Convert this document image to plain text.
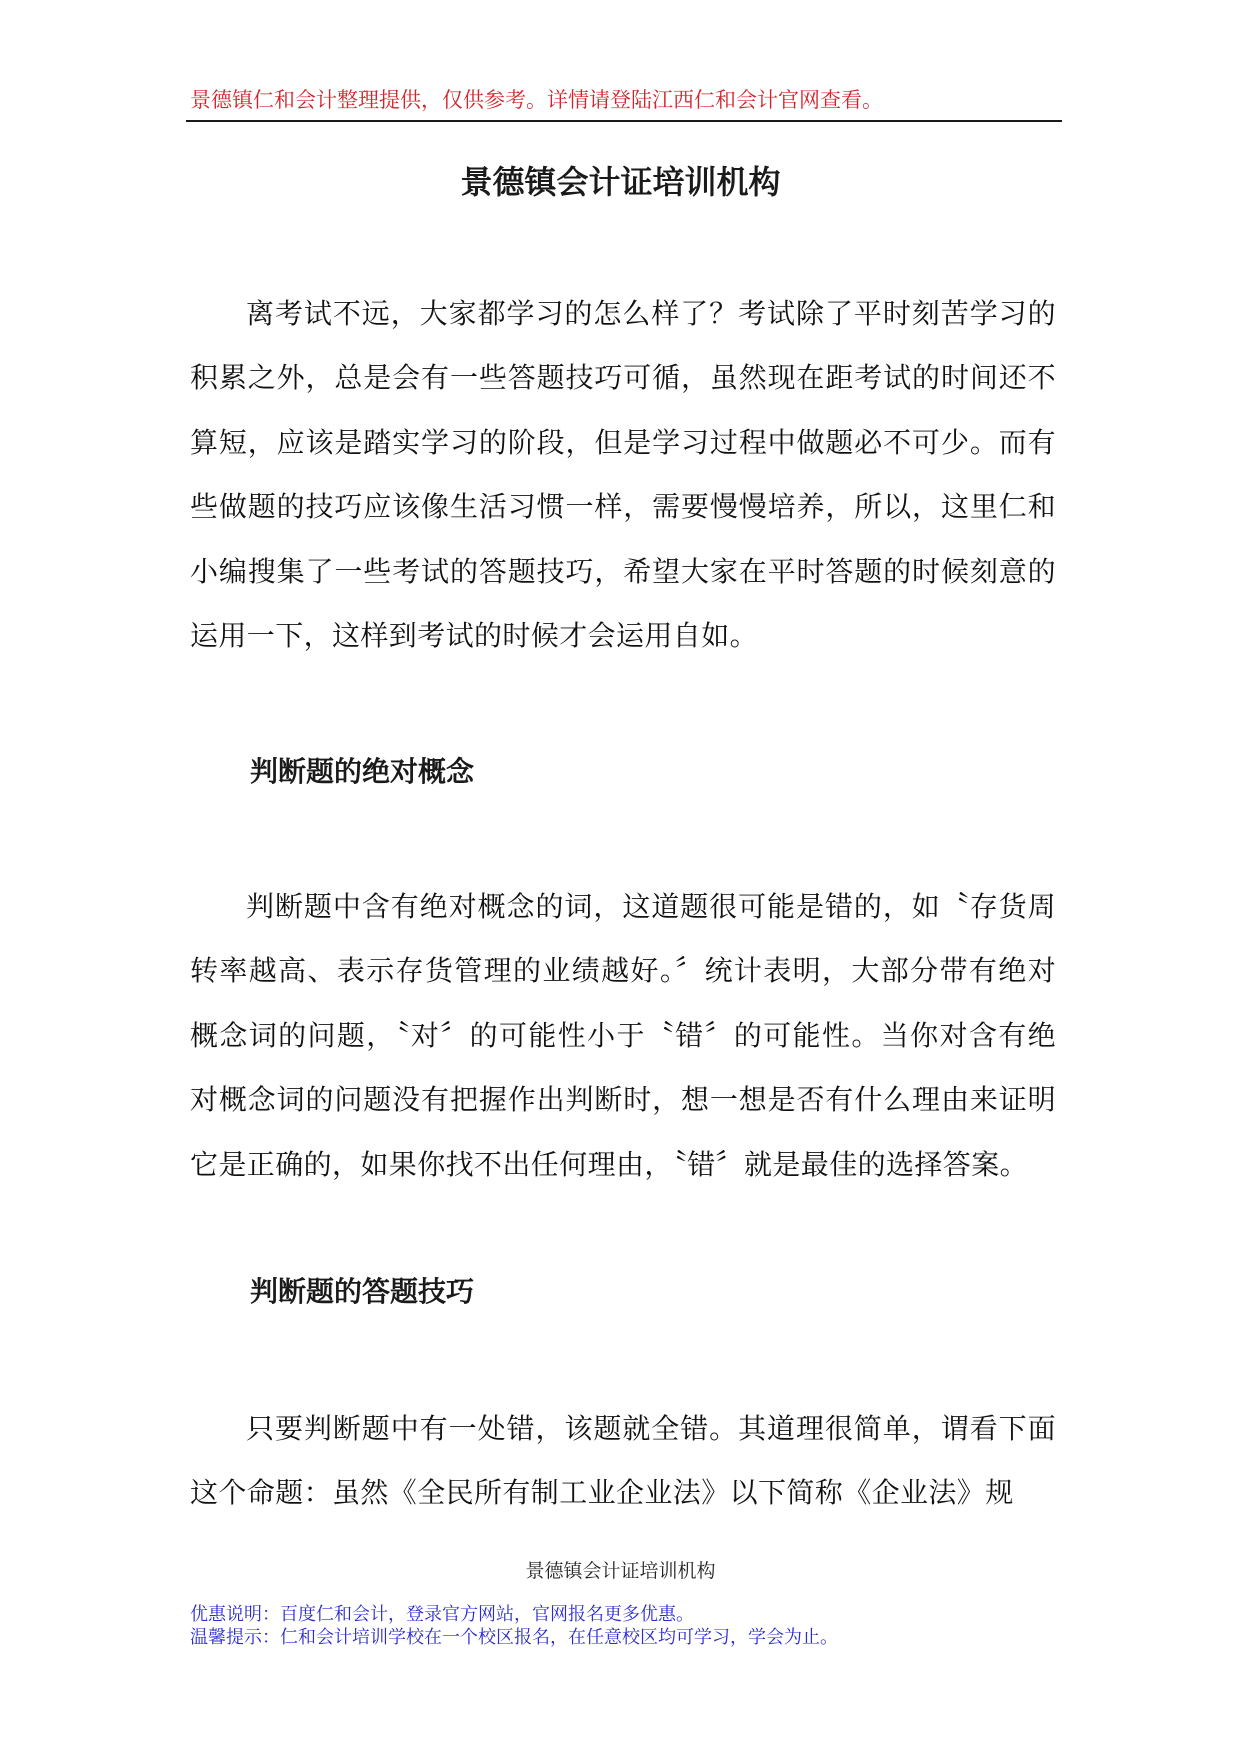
景德镇仁和会计整理提供，仅供参考。详情请登陆江西仁和会计官网查看。
景德镇会计证培训机构

离考试不远，大家都学习的怎么样了？考试除了平时刻苦学习的积累之外，总是会有一些答题技巧可循，虽然现在距考试的时间还不算短，应该是踏实学习的阶段，但是学习过程中做题必不可少。而有些做题的技巧应该像生活习惯一样，需要慢慢培养，所以，这里仁和小编搜集了一些考试的答题技巧，希望大家在平时答题的时候刻意的运用一下，这样到考试的时候才会运用自如。

判断题的绝对概念

判断题中含有绝对概念的词，这道题很可能是错的，如〝存货周转率越高、表示存货管理的业绩越好。〞统计表明，大部分带有绝对概念词的问题，〝对〞的可能性小于〝错〞的可能性。当你对含有绝对概念词的问题没有把握作出判断时，想一想是否有什么理由来证明它是正确的，如果你找不出任何理由，〝错〞就是最佳的选择答案。

判断题的答题技巧

只要判断题中有一处错，该题就全错。其道理很简单，谓看下面这个命题：虽然《全民所有制工业企业法》以下简称《企业法》规

景德镇会计证培训机构
优惠说明：百度仁和会计，登录官方网站，官网报名更多优惠。
温馨提示：仁和会计培训学校在一个校区报名，在任意校区均可学习，学会为止。
